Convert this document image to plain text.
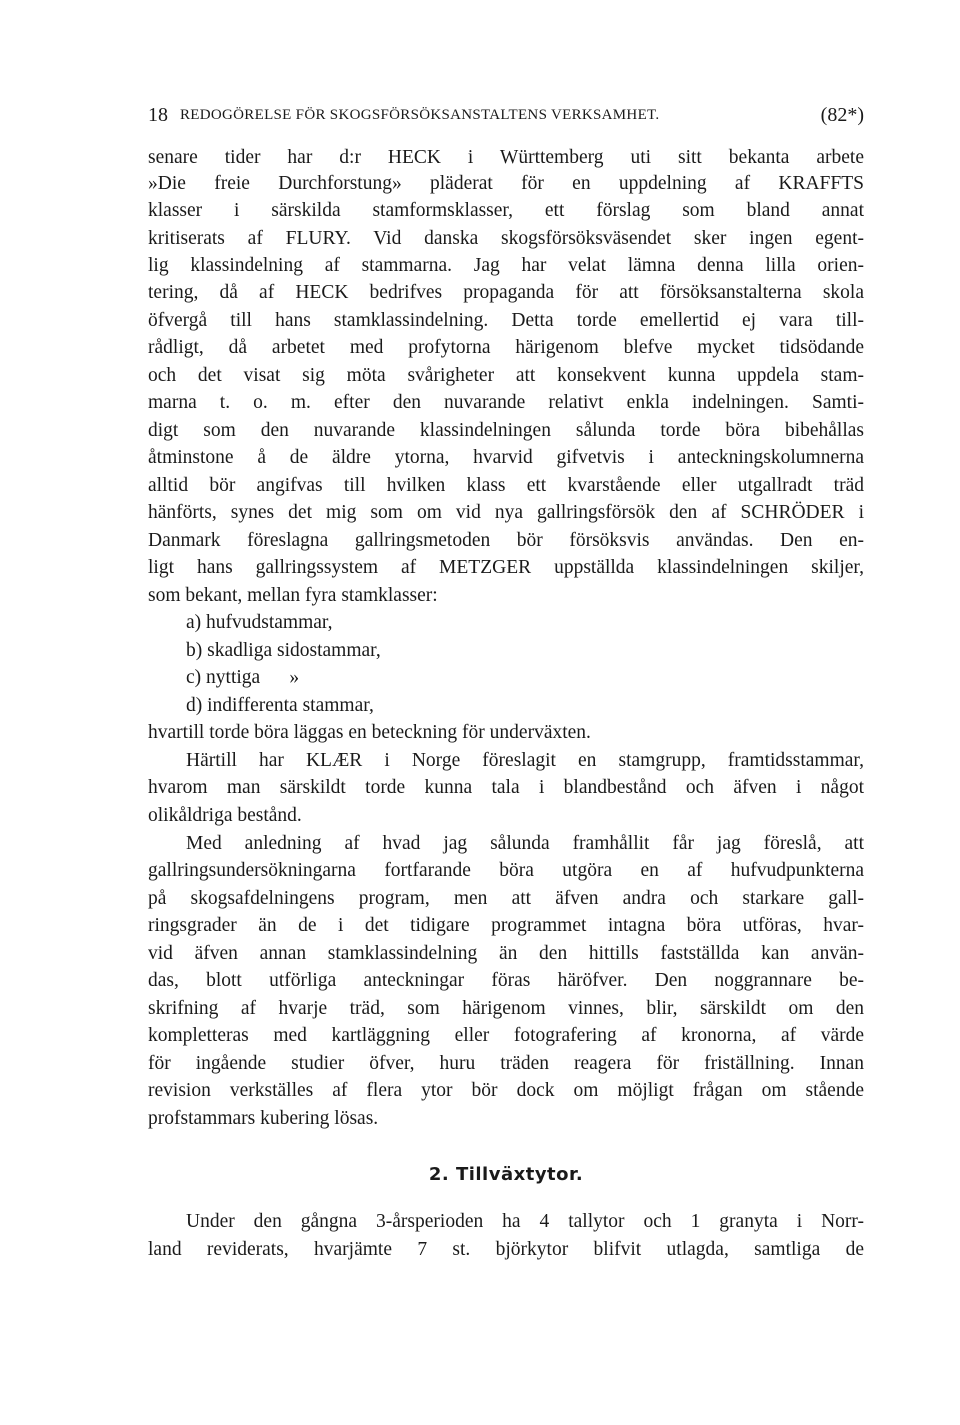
18 REDOGÖRELSE FÖR SKOGSFÖRSÖKSANSTALTENS VERKSAMHET.	(82*)
senare tider har d:r HECK i Württemberg uti sitt bekanta arbete
»Die freie Durchforstung» pläderat för en uppdelning af KRAFFTS
klasser i särskilda stamformsklasser, ett förslag som bland annat
kritiserats af FLURY. Vid danska skogsförsöksväsendet sker ingen egent-
lig klassindelning af stammarna. Jag har velat lämna denna lilla orien-
tering, då af HECK bedrifves propaganda för att försöksanstalterna skola
öfvergå till hans stamklassindelning. Detta torde emellertid ej vara till-
rådligt, då arbetet med profytorna härigenom blefve mycket tidsödande
och det visat sig möta svårigheter att konsekvent kunna uppdela stam-
marna t. o. m. efter den nuvarande relativt enkla indelningen. Samti-
digt som den nuvarande klassindelningen sålunda torde böra bibehållas
åtminstone å de äldre ytorna, hvarvid gifvetvis i anteckningskolumnerna
alltid bör angifvas till hvilken klass ett kvarstående eller utgallradt träd
hänförts, synes det mig som om vid nya gallringsförsök den af SCHRÖDER i
Danmark föreslagna gallringsmetoden bör försöksvis användas. Den en-
ligt hans gallringssystem af METZGER uppställda klassindelningen skiljer,
som bekant, mellan fyra stamklasser:
a) hufvudstammar,
b) skadliga sidostammar,
c) nyttiga      »
d) indifferenta stammar,
hvartill torde böra läggas en beteckning för underväxten.
Härtill har KLÆR i Norge föreslagit en stamgrupp, framtidsstammar,
hvarom man särskildt torde kunna tala i blandbestånd och äfven i något
olikåldriga bestånd.
Med anledning af hvad jag sålunda framhållit får jag föreslå, att
gallringsundersökningarna fortfarande böra utgöra en af hufvudpunkterna
på skogsafdelningens program, men att äfven andra och starkare gall-
ringsgrader än de i det tidigare programmet intagna böra utföras, hvar-
vid äfven annan stamklassindelning än den hittills fastställda kan använ-
das, blott utförliga anteckningar föras häröfver. Den noggrannare be-
skrifning af hvarje träd, som härigenom vinnes, blir, särskildt om den
kompletteras med kartläggning eller fotografering af kronorna, af värde
för ingående studier öfver, huru träden reagera för friställning. Innan
revision verkställes af flera ytor bör dock om möjligt frågan om stående
profstammars kubering lösas.
2. Tillväxtytor.
Under den gångna 3-årsperioden ha 4 tallytor och 1 granyta i Norr-
land reviderats, hvarjämte 7 st. björkytor blifvit utlagda, samtliga de
